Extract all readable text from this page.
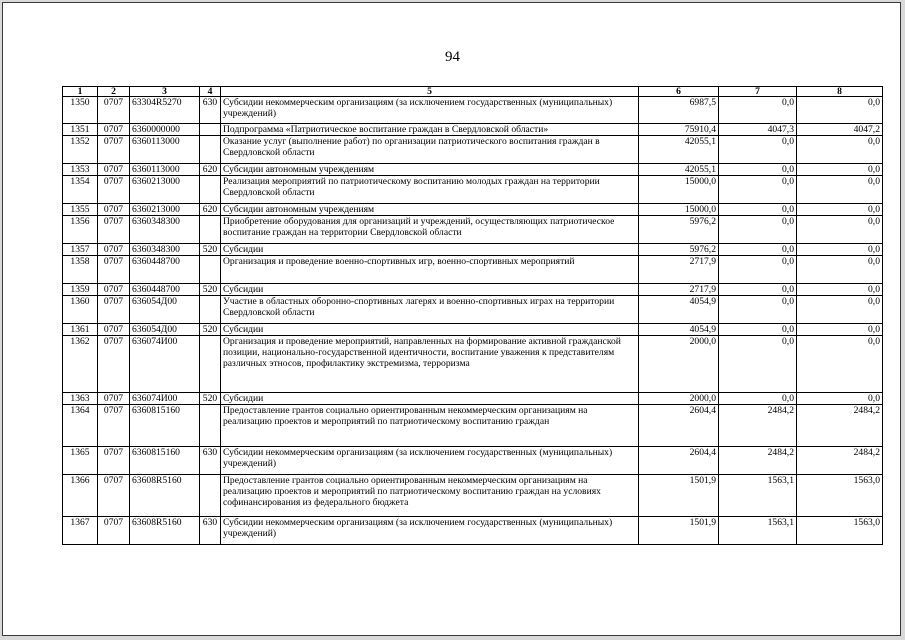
94
1	2	3	4	5	6	7	8
1350	0707	63304R5270	630	Субсидии некоммерческим организациям (за исключением государственных (муниципальных) учреждений)	6987,5	0,0	0,0
1351	0707	6360000000		Подпрограмма «Патриотическое воспитание граждан в Свердловской области»	75910,4	4047,3	4047,2
1352	0707	6360113000		Оказание услуг (выполнение работ) по организации патриотического воспитания граждан в Свердловской области	42055,1	0,0	0,0
1353	0707	6360113000	620	Субсидии автономным учреждениям	42055,1	0,0	0,0
1354	0707	6360213000		Реализация мероприятий по патриотическому воспитанию молодых граждан на территории Свердловской области	15000,0	0,0	0,0
1355	0707	6360213000	620	Субсидии автономным учреждениям	15000,0	0,0	0,0
1356	0707	6360348300		Приобретение оборудования для организаций и учреждений, осуществляющих патриотическое воспитание граждан на территории Свердловской области	5976,2	0,0	0,0
1357	0707	6360348300	520	Субсидии	5976,2	0,0	0,0
1358	0707	6360448700		Организация и проведение военно-спортивных игр, военно-спортивных мероприятий	2717,9	0,0	0,0
1359	0707	6360448700	520	Субсидии	2717,9	0,0	0,0
1360	0707	636054Д00		Участие в областных оборонно-спортивных лагерях и военно-спортивных играх на территории Свердловской области	4054,9	0,0	0,0
1361	0707	636054Д00	520	Субсидии	4054,9	0,0	0,0
1362	0707	636074И00		Организация и проведение мероприятий, направленных на формирование активной гражданской позиции, национально-государственной идентичности, воспитание уважения к представителям различных этносов, профилактику экстремизма, терроризма	2000,0	0,0	0,0
1363	0707	636074И00	520	Субсидии	2000,0	0,0	0,0
1364	0707	6360815160		Предоставление грантов социально ориентированным некоммерческим организациям на реализацию проектов и мероприятий по патриотическому воспитанию граждан	2604,4	2484,2	2484,2
1365	0707	6360815160	630	Субсидии некоммерческим организациям (за исключением государственных (муниципальных) учреждений)	2604,4	2484,2	2484,2
1366	0707	63608R5160		Предоставление грантов социально ориентированным некоммерческим организациям на реализацию проектов и мероприятий по патриотическому воспитанию граждан на условиях софинансирования из федерального бюджета	1501,9	1563,1	1563,0
1367	0707	63608R5160	630	Субсидии некоммерческим организациям (за исключением государственных (муниципальных) учреждений)	1501,9	1563,1	1563,0
